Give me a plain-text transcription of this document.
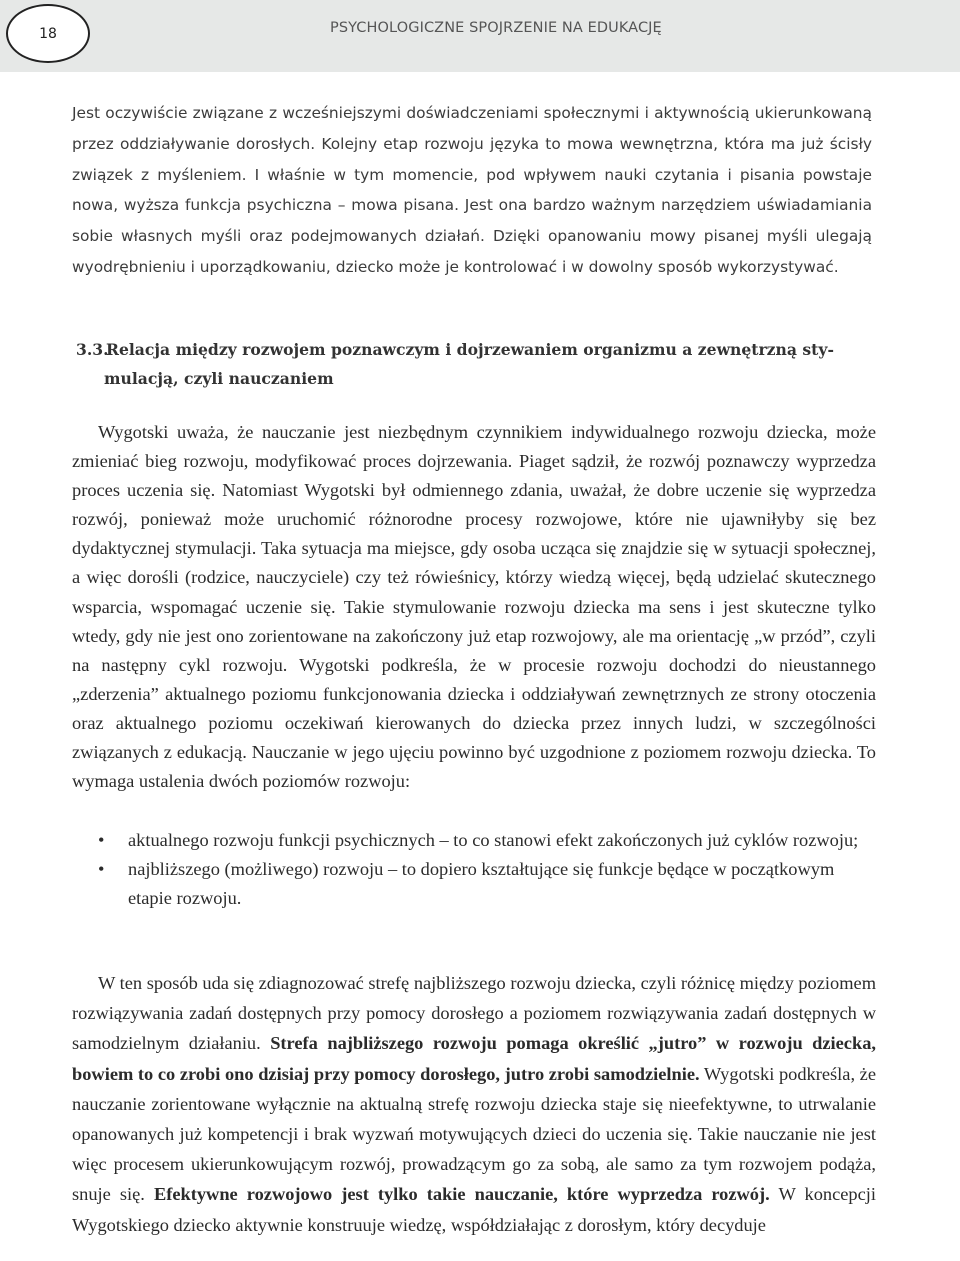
18	PSYCHOLOGICZNE SPOJRZENIE NA EDUKACJĘ

Jest oczywiście związane z wcześniejszymi doświadczeniami społecznymi i aktywnością ukierunkowaną przez oddziaływanie dorosłych. Kolejny etap rozwoju języka to mowa wewnętrzna, która ma już ścisły związek z myśleniem. I właśnie w tym momencie, pod wpływem nauki czytania i pisania powstaje nowa, wyższa funkcja psychiczna – mowa pisana. Jest ona bardzo ważnym narzędziem uświadamiania sobie własnych myśli oraz podejmowanych działań. Dzięki opanowaniu mowy pisanej myśli ulegają wyodrębnieniu i uporządkowaniu, dziecko może je kontrolować i w dowolny sposób wykorzystywać.

3.3.Relacja między rozwojem poznawczym i dojrzewaniem organizmu a zewnętrzną sty-
mulacją, czyli nauczaniem

Wygotski uważa, że nauczanie jest niezbędnym czynnikiem indywidualnego rozwoju dziecka, może zmieniać bieg rozwoju, modyfikować proces dojrzewania. Piaget sądził, że rozwój poznawczy wyprzedza proces uczenia się. Natomiast Wygotski był odmiennego zdania, uważał, że dobre uczenie się wyprzedza rozwój, ponieważ może uruchomić różnorodne procesy rozwojowe, które nie ujawniłyby się bez dydaktycznej stymulacji. Taka sytuacja ma miejsce, gdy osoba ucząca się znajdzie się w sytuacji społecznej, a więc dorośli (rodzice, nauczyciele) czy też rówieśnicy, którzy wiedzą więcej, będą udzielać skutecznego wsparcia, wspomagać uczenie się. Takie stymulowanie rozwoju dziecka ma sens i jest skuteczne tylko wtedy, gdy nie jest ono zorientowane na zakończony już etap rozwojowy, ale ma orientację „w przód”, czyli na następny cykl rozwoju. Wygotski podkreśla, że w procesie rozwoju dochodzi do nieustannego „zderzenia” aktualnego poziomu funkcjonowania dziecka i oddziaływań zewnętrznych ze strony otoczenia oraz aktualnego poziomu oczekiwań kierowanych do dziecka przez innych ludzi, w szczególności związanych z edukacją. Nauczanie w jego ujęciu powinno być uzgodnione z poziomem rozwoju dziecka. To wymaga ustalenia dwóch poziomów rozwoju:

• aktualnego rozwoju funkcji psychicznych – to co stanowi efekt zakończonych już cyklów rozwoju;
• najbliższego (możliwego) rozwoju – to dopiero kształtujące się funkcje będące w początkowym etapie rozwoju.

W ten sposób uda się zdiagnozować strefę najbliższego rozwoju dziecka, czyli różnicę między poziomem rozwiązywania zadań dostępnych przy pomocy dorosłego a poziomem rozwiązywania zadań dostępnych w samodzielnym działaniu. Strefa najbliższego rozwoju pomaga określić „jutro” w rozwoju dziecka, bowiem to co zrobi ono dzisiaj przy pomocy dorosłego, jutro zrobi samodzielnie. Wygotski podkreśla, że nauczanie zorientowane wyłącznie na aktualną strefę rozwoju dziecka staje się nieefektywne, to utrwalanie opanowanych już kompetencji i brak wyzwań motywujących dzieci do uczenia się. Takie nauczanie nie jest więc procesem ukierunkowującym rozwój, prowadzącym go za sobą, ale samo za tym rozwojem podąża, snuje się. Efektywne rozwojowo jest tylko takie nauczanie, które wyprzedza rozwój. W koncepcji Wygotskiego dziecko aktywnie konstruuje wiedzę, współdziałając z dorosłym, który decyduje
